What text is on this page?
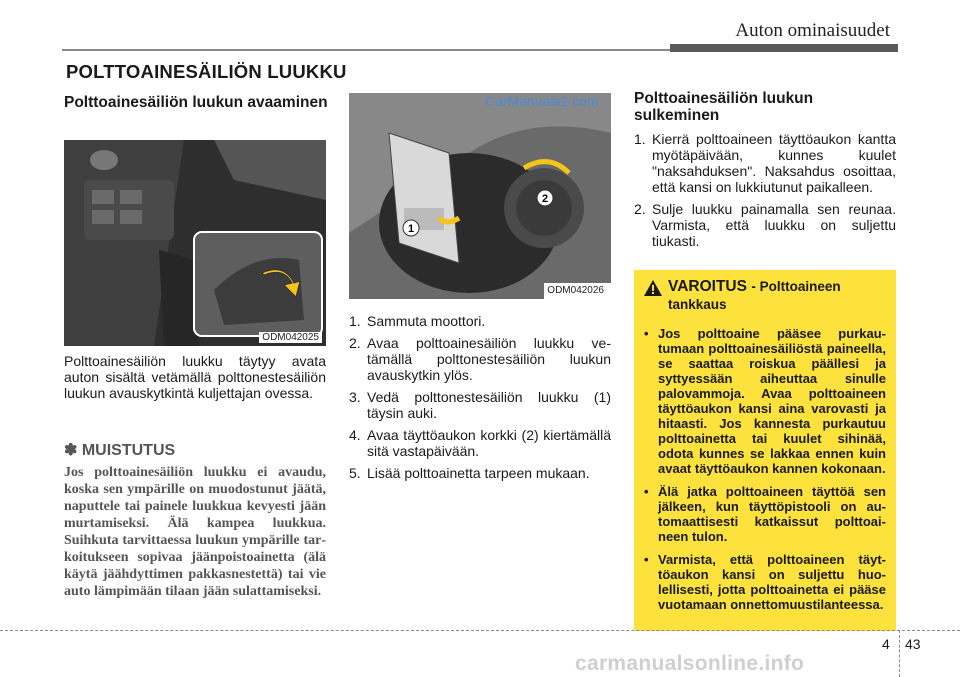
Auton ominaisuudet
POLTTOAINESÄILIÖN LUUKKU
Polttoainesäiliön luukun avaaminen
ODM042025
Polttoainesäiliön luukku täytyy avata auton sisältä vetämällä polttonestesäiliön luukun avauskytkintä kuljettajan ovessa.
✽ MUISTUTUS
Jos polttoainesäiliön luukku ei avaudu, koska sen ympärille on muodostunut jäätä, naputtele tai painele luukkua kevyesti jään murtamiseksi. Älä kampea luukkua. Suihkuta tarvittaessa luukun ympärille tarkoitukseen sopivaa jäänpoistoainetta (älä käytä jäähdyttimen pakkasnestettä) tai vie auto lämpimään tilaan jään sulattamiseksi.
1
2
ODM042026
CarManuals2.com
1. Sammuta moottori.
2. Avaa polttoainesäiliön luukku vetämällä polttonestesäiliön luukun avauskytkin ylös.
3. Vedä polttonestesäiliön luukku (1) täysin auki.
4. Avaa täyttöaukon korkki (2) kiertämällä sitä vastapäivään.
5. Lisää polttoainetta tarpeen mukaan.
Polttoainesäiliön luukun sulkeminen
1. Kierrä polttoaineen täyttöaukon kantta myötäpäivään, kunnes kuulet "naksahduksen". Naksahdus osoittaa, että kansi on lukkiutunut paikalleen.
2. Sulje luukku painamalla sen reunaa. Varmista, että luukku on suljettu tiukasti.
VAROITUS - Polttoaineen tankkaus
• Jos polttoaine pääsee purkautumaan polttoainesäiliöstä paineella, se saattaa roiskua päällesi ja syttyessään aiheuttaa sinulle palovammoja. Avaa polttoaineen täyttöaukon kansi aina varovasti ja hitaasti. Jos kannesta purkautuu polttoainetta tai kuulet sihinää, odota kunnes se lakkaa ennen kuin avaat täyttöaukon kannen kokonaan.
• Älä jatka polttoaineen täyttöä sen jälkeen, kun täyttöpistooli on automaattisesti katkaissut polttoaineen tulon.
• Varmista, että polttoaineen täyttöaukon kansi on suljettu huolellisesti, jotta polttoainetta ei pääse vuotamaan onnettomuustilanteessa.
4 43
carmanualsonline.info
